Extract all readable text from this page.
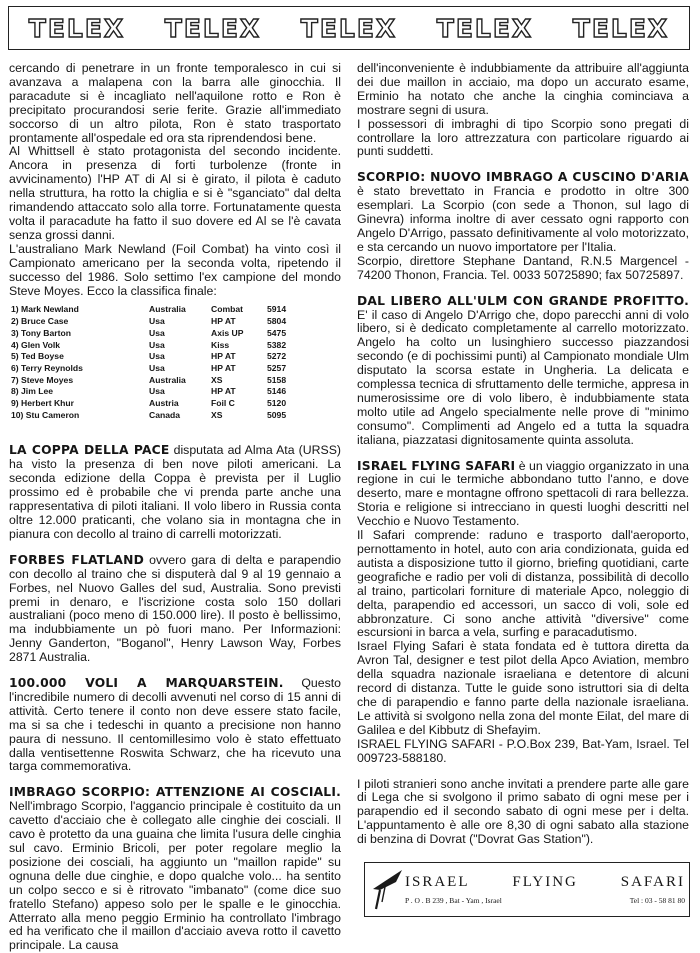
TELEX TELEX TELEX TELEX TELEX

cercando di penetrare in un fronte temporalesco in cui si avanzava a malapena con la barra alle ginocchia. Il paracadute si è incagliato nell'aquilone rotto e Ron è precipitato procurandosi serie ferite. Grazie all'immediato soccorso di un altro pilota, Ron è stato trasportato prontamente all'ospedale ed ora sta riprendendosi bene.

Al Whittsell è stato protagonista del secondo incidente. Ancora in presenza di forti turbolenze (fronte in avvicinamento) l'HP AT di Al si è girato, il pilota è caduto nella struttura, ha rotto la chiglia e si è "sganciato" dal delta rimandendo attaccato solo alla torre. Fortunatamente questa volta il paracadute ha fatto il suo dovere ed Al se l'è cavata senza grossi danni.

L'australiano Mark Newland (Foil Combat) ha vinto così il Campionato americano per la seconda volta, ripetendo il successo del 1986. Solo settimo l'ex campione del mondo Steve Moyes. Ecco la classifica finale:

1) Mark Newland	Australia	Combat	5914
2) Bruce Case	Usa	HP AT	5804
3) Tony Barton	Usa	Axis UP	5475
4) Glen Volk	Usa	Kiss	5382
5) Ted Boyse	Usa	HP AT	5272
6) Terry Reynolds	Usa	HP AT	5257
7) Steve Moyes	Australia	XS	5158
8) Jim Lee	Usa	HP AT	5146
9) Herbert Khur	Austria	Foil C	5120
10) Stu Cameron	Canada	XS	5095

LA COPPA DELLA PACE disputata ad Alma Ata (URSS) ha visto la presenza di ben nove piloti americani. La seconda edizione della Coppa è prevista per il Luglio prossimo ed è probabile che vi prenda parte anche una rappresentativa di piloti italiani. Il volo libero in Russia conta oltre 12.000 praticanti, che volano sia in montagna che in pianura con decollo al traino di carrelli motorizzati.

FORBES FLATLAND ovvero gara di delta e parapendio con decollo al traino che si disputerà dal 9 al 19 gennaio a Forbes, nel Nuovo Galles del sud, Australia. Sono previsti premi in denaro, e l'iscrizione costa solo 150 dollari australiani (poco meno di 150.000 lire). Il posto è bellissimo, ma indubbiamente un pò fuori mano. Per Informazioni: Jenny Ganderton, "Boganol", Henry Lawson Way, Forbes 2871 Australia.

100.000 VOLI A MARQUARSTEIN. Questo l'incredibile numero di decolli avvenuti nel corso di 15 anni di attività. Certo tenere il conto non deve essere stato facile, ma si sa che i tedeschi in quanto a precisione non hanno paura di nessuno. Il centomillesimo volo è stato effettuato dalla ventisettenne Roswita Schwarz, che ha ricevuto una targa commemorativa.

IMBRAGO SCORPIO: ATTENZIONE AI COSCIALI. Nell'imbrago Scorpio, l'aggancio principale è costituito da un cavetto d'acciaio che è collegato alle cinghie dei cosciali. Il cavo è protetto da una guaina che limita l'usura delle cinghia sul cavo. Erminio Bricoli, per poter regolare meglio la posizione dei cosciali, ha aggiunto un "maillon rapide" su ognuna delle due cinghie, e dopo qualche volo... ha sentito un colpo secco e si è ritrovato "imbanato" (come dice suo fratello Stefano) appeso solo per le spalle e le ginocchia. Atterrato alla meno peggio Erminio ha controllato l'imbrago ed ha verificato che il maillon d'acciaio aveva rotto il cavetto principale. La causa

dell'inconveniente è indubbiamente da attribuire all'aggiunta dei due maillon in acciaio, ma dopo un accurato esame, Erminio ha notato che anche la cinghia cominciava a mostrare segni di usura.

I possessori di imbraghi di tipo Scorpio sono pregati di controllare la loro attrezzatura con particolare riguardo ai punti suddetti.

SCORPIO: NUOVO IMBRAGO A CUSCINO D'ARIA è stato brevettato in Francia e prodotto in oltre 300 esemplari. La Scorpio (con sede a Thonon, sul lago di Ginevra) informa inoltre di aver cessato ogni rapporto con Angelo D'Arrigo, passato definitivamente al volo motorizzato, e sta cercando un nuovo importatore per l'Italia.

Scorpio, direttore Stephane Dantand, R.N.5 Margencel - 74200 Thonon, Francia. Tel. 0033 50725890; fax 50725897.

DAL LIBERO ALL'ULM CON GRANDE PROFITTO. E' il caso di Angelo D'Arrigo che, dopo parecchi anni di volo libero, si è dedicato completamente al carrello motorizzato. Angelo ha colto un lusinghiero successo piazzandosi secondo (e di pochissimi punti) al Campionato mondiale Ulm disputato la scorsa estate in Ungheria. La delicata e complessa tecnica di sfruttamento delle termiche, appresa in numerosissime ore di volo libero, è indubbiamente stata molto utile ad Angelo specialmente nelle prove di "minimo consumo". Complimenti ad Angelo ed a tutta la squadra italiana, piazzatasi dignitosamente quinta assoluta.

ISRAEL FLYING SAFARI è un viaggio organizzato in una regione in cui le termiche abbondano tutto l'anno, e dove deserto, mare e montagne offrono spettacoli di rara bellezza. Storia e religione si intrecciano in questi luoghi descritti nel Vecchio e Nuovo Testamento.

Il Safari comprende: raduno e trasporto dall'aeroporto, pernottamento in hotel, auto con aria condizionata, guida ed autista a disposizione tutto il giorno, briefing quotidiani, carte geografiche e radio per voli di distanza, possibilità di decollo al traino, particolari forniture di materiale Apco, noleggio di delta, parapendio ed accessori, un sacco di voli, sole ed abbronzature. Ci sono anche attività "diversive" come escursioni in barca a vela, surfing e paracadutismo.

Israel Flying Safari è stata fondata ed è tuttora diretta da Avron Tal, designer e test pilot della Apco Aviation, membro della squadra nazionale israeliana e detentore di alcuni record di distanza. Tutte le guide sono istruttori sia di delta che di parapendio e fanno parte della nazionale israeliana. Le attività si svolgono nella zona del monte Eilat, del mare di Galilea e del Kibbutz di Shefayim.

ISRAEL FLYING SAFARI - P.O.Box 239, Bat-Yam, Israel. Tel 009723-588180.

I piloti stranieri sono anche invitati a prendere parte alle gare di Lega che si svolgono il primo sabato di ogni mese per i parapendio ed il secondo sabato di ogni mese per i delta. L'appuntamento è alle ore 8,30 di ogni sabato alla stazione di benzina di Dovrat ("Dovrat Gas Station").

ISRAEL	FLYING	SAFARI
P . O . B 239 , Bat - Yam , Israel	Tel : 03 - 58 81 80
